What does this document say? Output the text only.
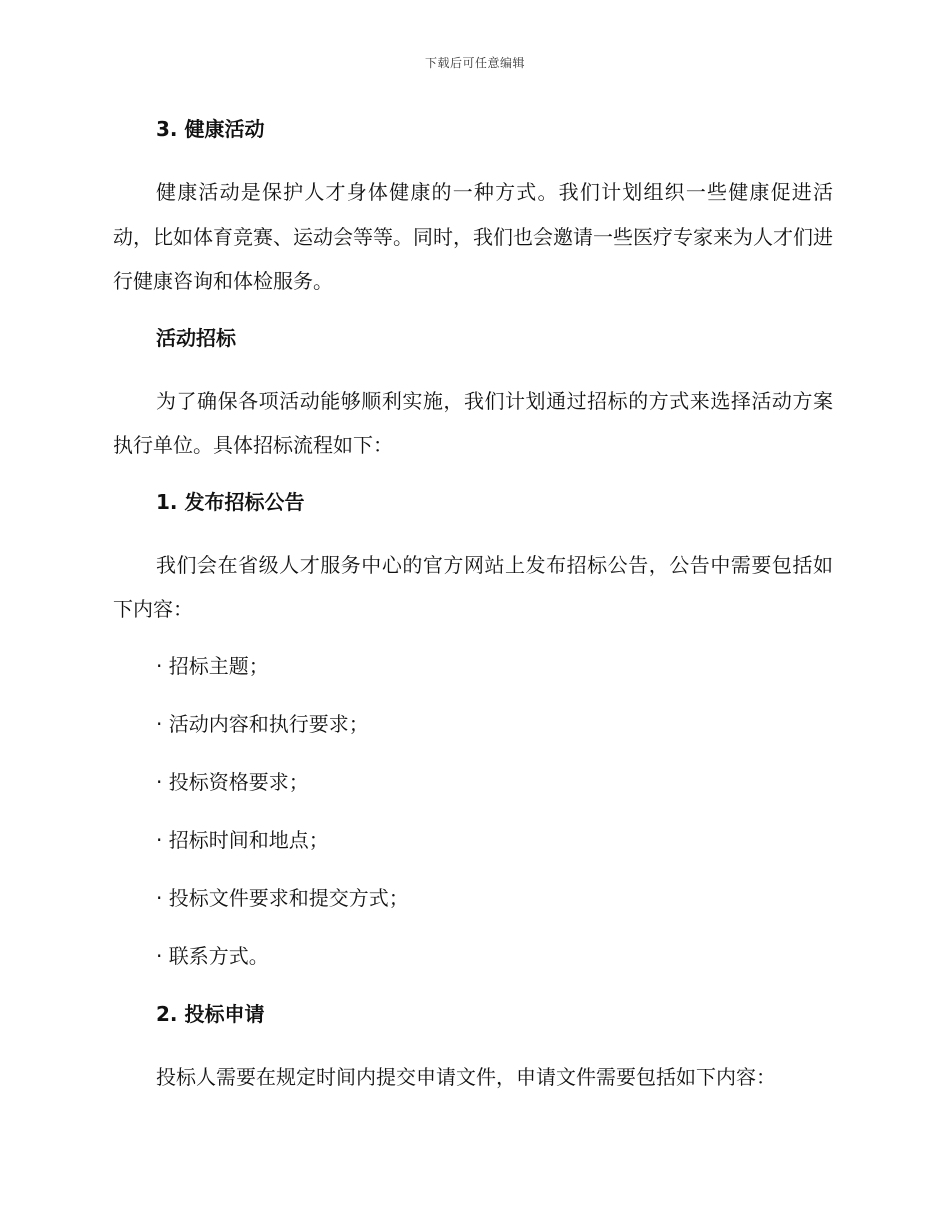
下载后可任意编辑
3. 健康活动
健康活动是保护人才身体健康的一种方式。我们计划组织一些健康促进活动，比如体育竞赛、运动会等等。同时，我们也会邀请一些医疗专家来为人才们进行健康咨询和体检服务。
活动招标
为了确保各项活动能够顺利实施，我们计划通过招标的方式来选择活动方案执行单位。具体招标流程如下：
1. 发布招标公告
我们会在省级人才服务中心的官方网站上发布招标公告，公告中需要包括如下内容：
· 招标主题；
· 活动内容和执行要求；
· 投标资格要求；
· 招标时间和地点；
· 投标文件要求和提交方式；
· 联系方式。
2. 投标申请
投标人需要在规定时间内提交申请文件，申请文件需要包括如下内容：
